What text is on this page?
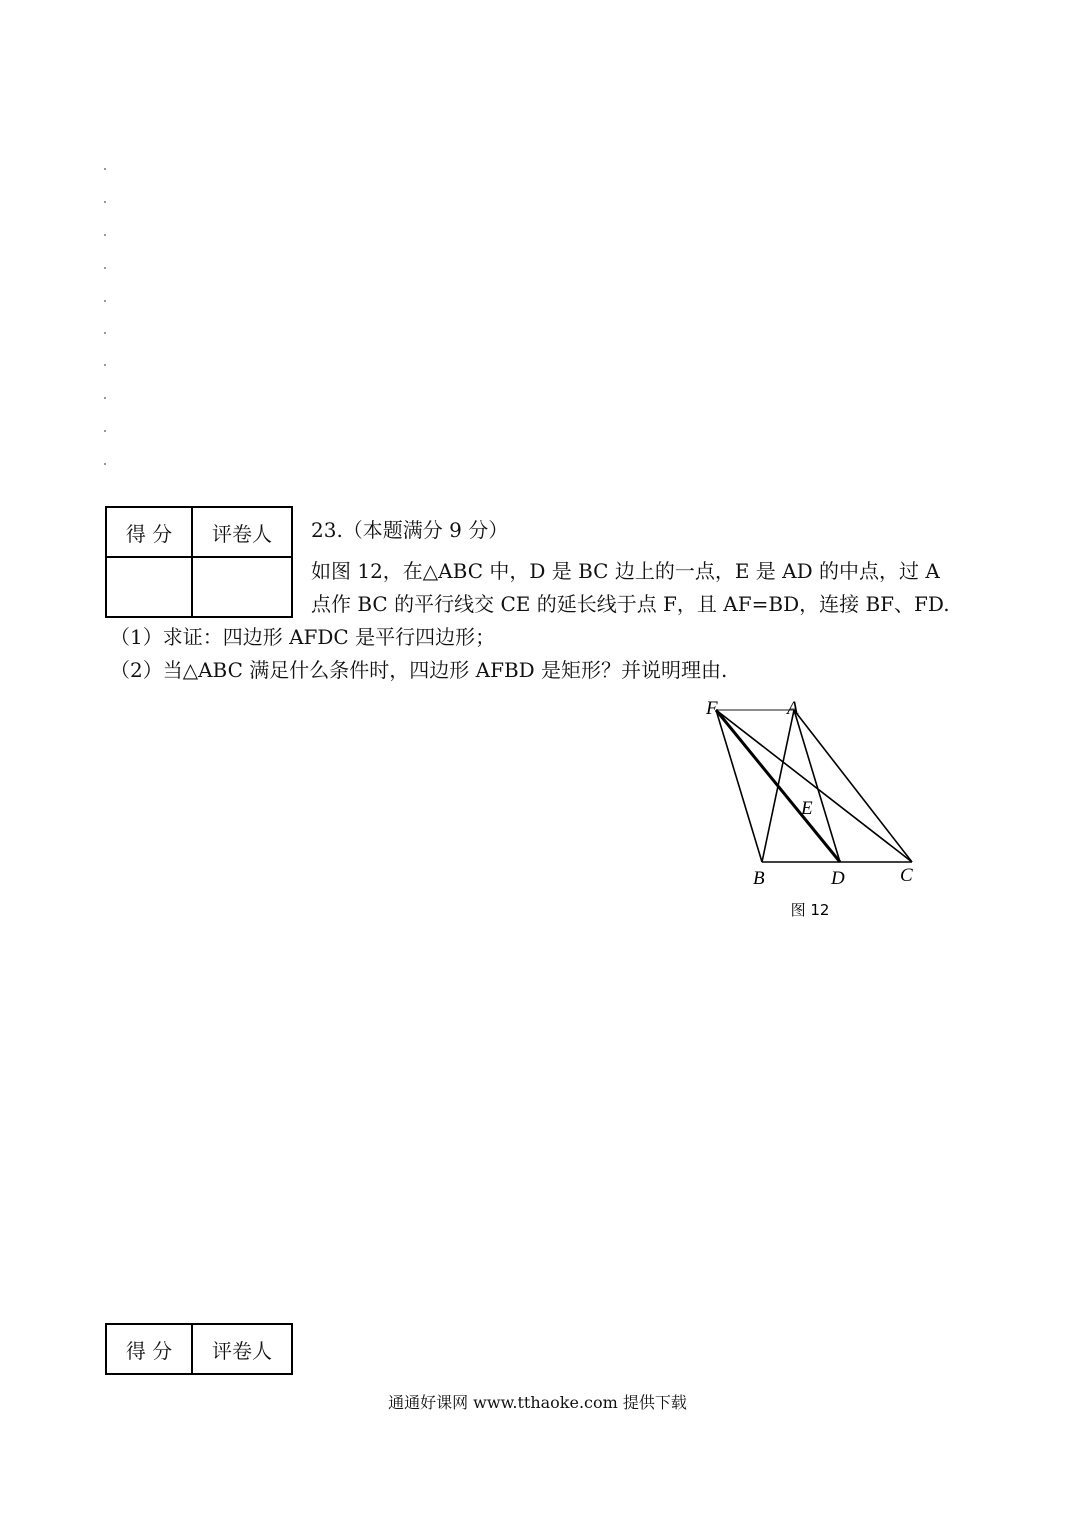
得 分	评卷人
	23.（本题满分 9 分）
如图 12，在△ABC 中，D 是 BC 边上的一点，E 是 AD 的中点，过 A
点作 BC 的平行线交 CE 的延长线于点 F，且 AF=BD，连接 BF、FD.
（1）求证：四边形 AFDC 是平行四边形；
（2）当△ABC 满足什么条件时，四边形 AFBD 是矩形？并说明理由.
F	A
E
B	D	C
图 12
得 分	评卷人
通通好课网 www.tthaoke.com 提供下载
